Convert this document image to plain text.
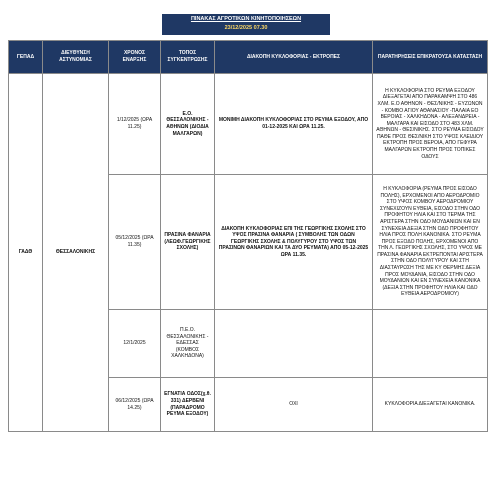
ΠΙΝΑΚΑΣ ΑΓΡΟΤΙΚΩΝ ΚΙΝΗΤΟΠΟΙΗΣΕΩΝ
23/12/2025 07.30
ΓΕΠΑΔ	ΔΙΕΥΘΥΝΣΗ ΑΣΤΥΝΟΜΙΑΣ	ΧΡΟΝΟΣ ΕΝΑΡΞΗΣ	ΤΟΠΟΣ ΣΥΓΚΕΝΤΡΩΣΗΣ	ΔΙΑΚΟΠΗ ΚΥΚΛΟΦΟΡΙΑΣ - ΕΚΤΡΟΠΕΣ	ΠΑΡΑΤΗΡΗΣΕΙΣ ΕΠΙΚΡΑΤΟΥΣΑ ΚΑΤΑΣΤΑΣΗ
ΓΑΔΘ	ΘΕΣΣΑΛΟΝΙΚΗΣ	1/12/2025 (ΩΡΑ 11.25)	Ε.Ο. ΘΕΣΣΑΛΟΝΙΚΗΣ - ΑΘΗΝΩΝ (ΔΙΟΔΙΑ ΜΑΛΓΑΡΩΝ)	ΜΟΝΙΜΗ ΔΙΑΚΟΠΗ ΚΥΚΛΟΦΟΡΙΑΣ ΣΤΟ ΡΕΥΜΑ ΕΞΟΔΟΥ, ΑΠΟ 01-12-2025 ΚΑΙ ΩΡΑ 11.25.	Η ΚΥΚΛΟΦΟΡΙΑ ΣΤΟ ΡΕΥΜΑ ΕΞΟΔΟΥ ΔΙΕΞΑΓΕΤΑΙ ΑΠΟ ΠΑΡΑΚΑΜΨΗ ΣΤΟ 486 ΧΛΜ. Ε.Ο ΑΘΗΝΩΝ - ΘΕΣ/ΝΙΚΗΣ - ΕΥΖΩΝΩΝ - ΚΟΜΒΟ ΑΓΙΟΥ ΑΘΑΝΑΣΙΟΥ -ΠΑΛΑΙΑ ΕΟ ΒΕΡΟΙΑΣ - ΧΑΛΚΗΔΟΝΑ - ΑΛΕΞΑΝΔΡΕΙΑ - ΜΑΛΓΑΡΑ ΚΑΙ ΕΙΣΟΔΟ ΣΤΟ 483 ΧΛΜ. ΑΘΗΝΩΝ - ΘΕΣ/ΝΙΚΗΣ. ΣΤΟ ΡΕΥΜΑ ΕΙΣΟΔΟΥ ΠΑΘΕ ΠΡΟΣ ΘΕΣ/ΝΙΚΗ ΣΤΟ ΥΨΟΣ ΚΛΕΙΔΙΟΥ ΕΚΤΡΟΠΗ ΠΡΟΣ ΒΕΡΟΙΑ, ΑΠΟ ΓΕΦΥΡΑ ΜΑΛΓΑΡΩΝ ΕΚΤΡΟΠΗ ΠΡΟΣ ΤΟΠΙΚΕΣ ΟΔΟΥΣ
		05/12/2025 (ΩΡΑ 11.35)	ΠΡΑΣΙΝΑ ΦΑΝΑΡΙΑ (ΛΕΩΦ.ΓΕΩΡΓΙΚΗΣ ΣΧΟΛΗΣ)	ΔΙΑΚΟΠΗ ΚΥΚΛΟΦΟΡΙΑΣ ΕΠΙ ΤΗΣ ΓΕΩΡΓΙΚΗΣ ΣΧΟΛΗΣ ΣΤΟ ΥΨΟΣ ΠΡΑΣΙΝΑ ΦΑΝΑΡΙΑ ( ΣΥΜΒΟΛΗΣ ΤΩΝ ΟΔΩΝ ΓΕΩΡΓΙΚΗΣ ΣΧΟΛΗΣ & ΠΟΛΥΓΥΡΟΥ ΣΤΟ ΥΨΟΣ ΤΩΝ ΠΡΑΣΙΝΩΝ ΦΑΝΑΡΙΩΝ ΚΑΙ ΤΑ ΔΥΟ ΡΕΥΜΑΤΑ) ΑΠΟ 05-12-2025 ΩΡΑ 11.35.	Η ΚΥΚΛΟΦΟΡΙΑ (ΡΕΥΜΑ ΠΡΟΣ ΕΙΣΟΔΟ ΠΟΛΗΣ), ΕΡΧΟΜΕΝΟΙ ΑΠΟ ΑΕΡΟΔΡΟΜΙΟ ΣΤΟ ΥΨΟΣ ΚΟΜΒΟΥ ΑΕΡΟΔΡΟΜΙΟΥ ΣΥΝΕΧΙΖΟΥΝ ΕΥΘΕΙΑ, ΕΙΣΟΔΟ ΣΤΗΝ ΟΔΟ ΠΡΟΦΗΤΟΥ ΗΛΙΑ ΚΑΙ ΣΤΟ ΤΕΡΜΑ ΤΗΣ ΑΡΙΣΤΕΡΑ ΣΤΗΝ ΟΔΟ ΜΟΥΔΑΝΙΩΝ ΚΑΙ ΕΝ ΣΥΝΕΧΕΙΑ ΔΕΞΙΑ ΣΤΗΝ ΟΔΟ ΠΡΟΦΗΤΟΥ ΗΛΙΑ ΠΡΟΣ ΠΟΛΗ ΚΑΝΟΝΙΚΑ. ΣΤΟ ΡΕΥΜΑ ΠΡΟΣ ΕΞΟΔΟ ΠΟΛΗΣ, ΕΡΧΟΜΕΝΟΙ ΑΠΟ ΤΗΝ Λ. ΓΕΩΡΓΙΚΗΣ ΣΧΟΛΗΣ, ΣΤΟ ΥΨΟΣ ΜΕ ΠΡΑΣΙΝΑ ΦΑΝΑΡΙΑ ΕΚΤΡΕΠΟΝΤΑΙ ΑΡΙΣΤΕΡΑ ΣΤΗΝ ΟΔΟ ΠΟΛΥΓΥΡΟΥ ΚΑΙ ΣΤΗ ΔΙΑΣΤΑΥΡΩΣΗ ΤΗΣ ΜΕ ΚΥ ΘΕΡΜΗΣ ΔΕΞΙΑ ΠΡΟΣ ΜΟΥΔΑΝΙΑ, ΕΙΣΟΔΟ ΣΤΗΝ ΟΔΟ ΜΟΥΔΑΝΙΩΝ ΚΑΙ ΕΝ ΣΥΝΕΧΕΙΑ ΚΑΝΟΝΙΚΑ (ΔΕΞΙΑ ΣΤΗΝ ΠΡΟΦΗΤΟΥ ΗΛΙΑ ΚΑΙ ΟΔΟ ΕΥΘΕΙΑ ΑΕΡΟΔΡΟΜΙΟΥ)
		12/1/2025	Π.Ε.Ο. ΘΕΣΣΑΛΟΝΙΚΗΣ - ΕΔΕΣΣΑΣ (ΚΟΜΒΟΣ ΧΑΛΚΗΔΟΝΑ)		
		06/12/2025 (ΩΡΑ 14.25)	ΕΓΝΑΤΙΑ ΟΔΟΣ(χ.θ. 331) ΔΕΡΒΕΝΙ (ΠΑΡΑΔΡΟΜΟ ΡΕΥΜΑ ΕΞΟΔΟΥ)	ΟΧΙ	ΚΥΚΛΟΦΟΡΙΑ ΔΙΕΞΑΓΕΤΑΙ ΚΑΝΟΝΙΚΑ.
